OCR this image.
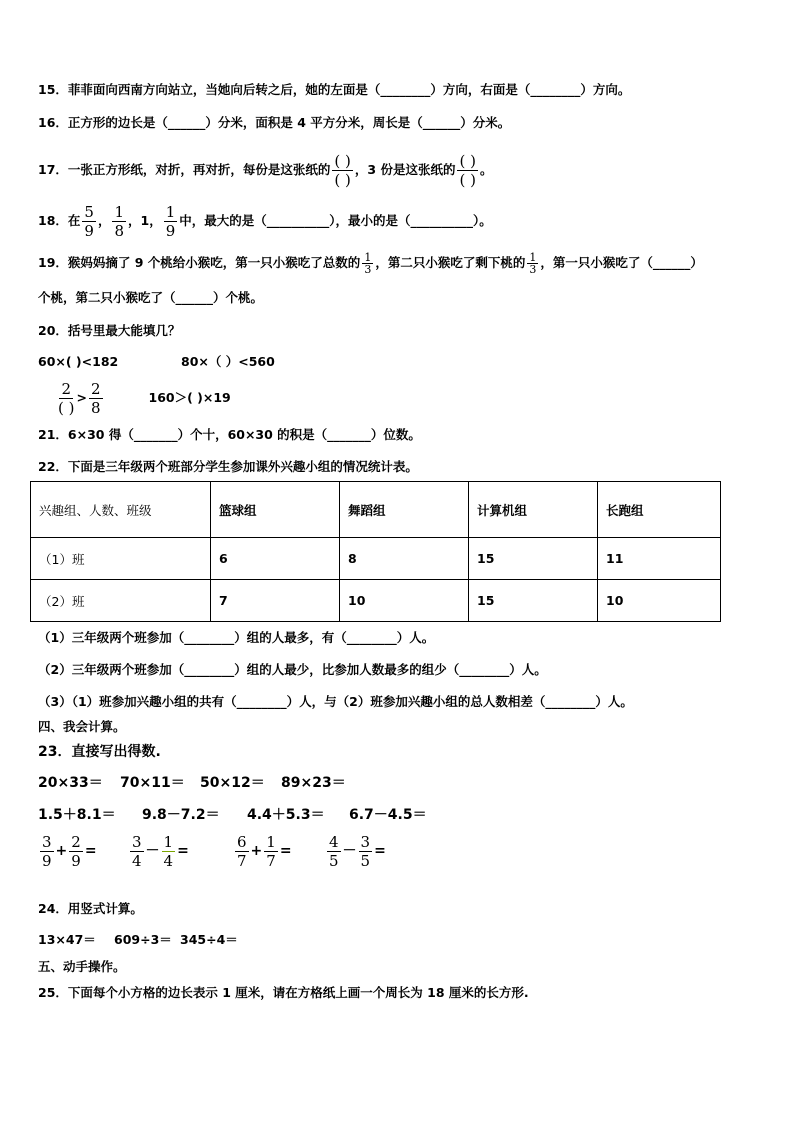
15．菲菲面向西南方向站立，当她向后转之后，她的左面是（________）方向，右面是（________）方向。
16．正方形的边长是（______）分米，面积是 4 平方分米，周长是（______）分米。
17．一张正方形纸，对折，再对折，每份是这张纸的 $\frac{( )}{( )}$ ，3 份是这张纸的 $\frac{( )}{( )}$ 。
18．在 $\frac{5}{9}$ ， $\frac{1}{8}$ ，1， $\frac{1}{9}$ 中，最大的是（__________），最小的是（__________）。
19．猴妈妈摘了 9 个桃给小猴吃，第一只小猴吃了总数的 $\frac{1}{3}$ ，第二只小猴吃了剩下桃的 $\frac{1}{3}$ ，第一只小猴吃了（______）
个桃，第二只小猴吃了（______）个桃。
20．括号里最大能填几？
60×( )<182	80×（ ）<560
$\frac{2}{( )} > \frac{2}{8}$	160＞( )×19
21．6×30 得（_______）个十，60×30 的积是（_______）位数。
22．下面是三年级两个班部分学生参加课外兴趣小组的情况统计表。
兴趣组、人数、班级	篮球组	舞蹈组	计算机组	长跑组
（1）班	6	8	15	11
（2）班	7	10	15	10
（1）三年级两个班参加（________）组的人最多，有（________）人。
（2）三年级两个班参加（________）组的人最少，比参加人数最多的组少（________）人。
（3）（1）班参加兴趣小组的共有（________）人，与（2）班参加兴趣小组的总人数相差（________）人。
四、我会计算。
23．直接写出得数.
20×33＝ 70×11＝ 50×12＝ 89×23＝
1.5＋8.1＝ 9.8－7.2＝ 4.4＋5.3＝ 6.7－4.5＝
$\frac{3}{9} + \frac{2}{9} = \frac{3}{4} - \frac{1}{4}$ =	$\frac{6}{7} + \frac{1}{7} = \frac{4}{5} - \frac{3}{5}$ =
24．用竖式计算。
13×47＝ 609÷3＝ 345÷4＝
五、动手操作。
25．下面每个小方格的边长表示 1 厘米，请在方格纸上画一个周长为 18 厘米的长方形.
